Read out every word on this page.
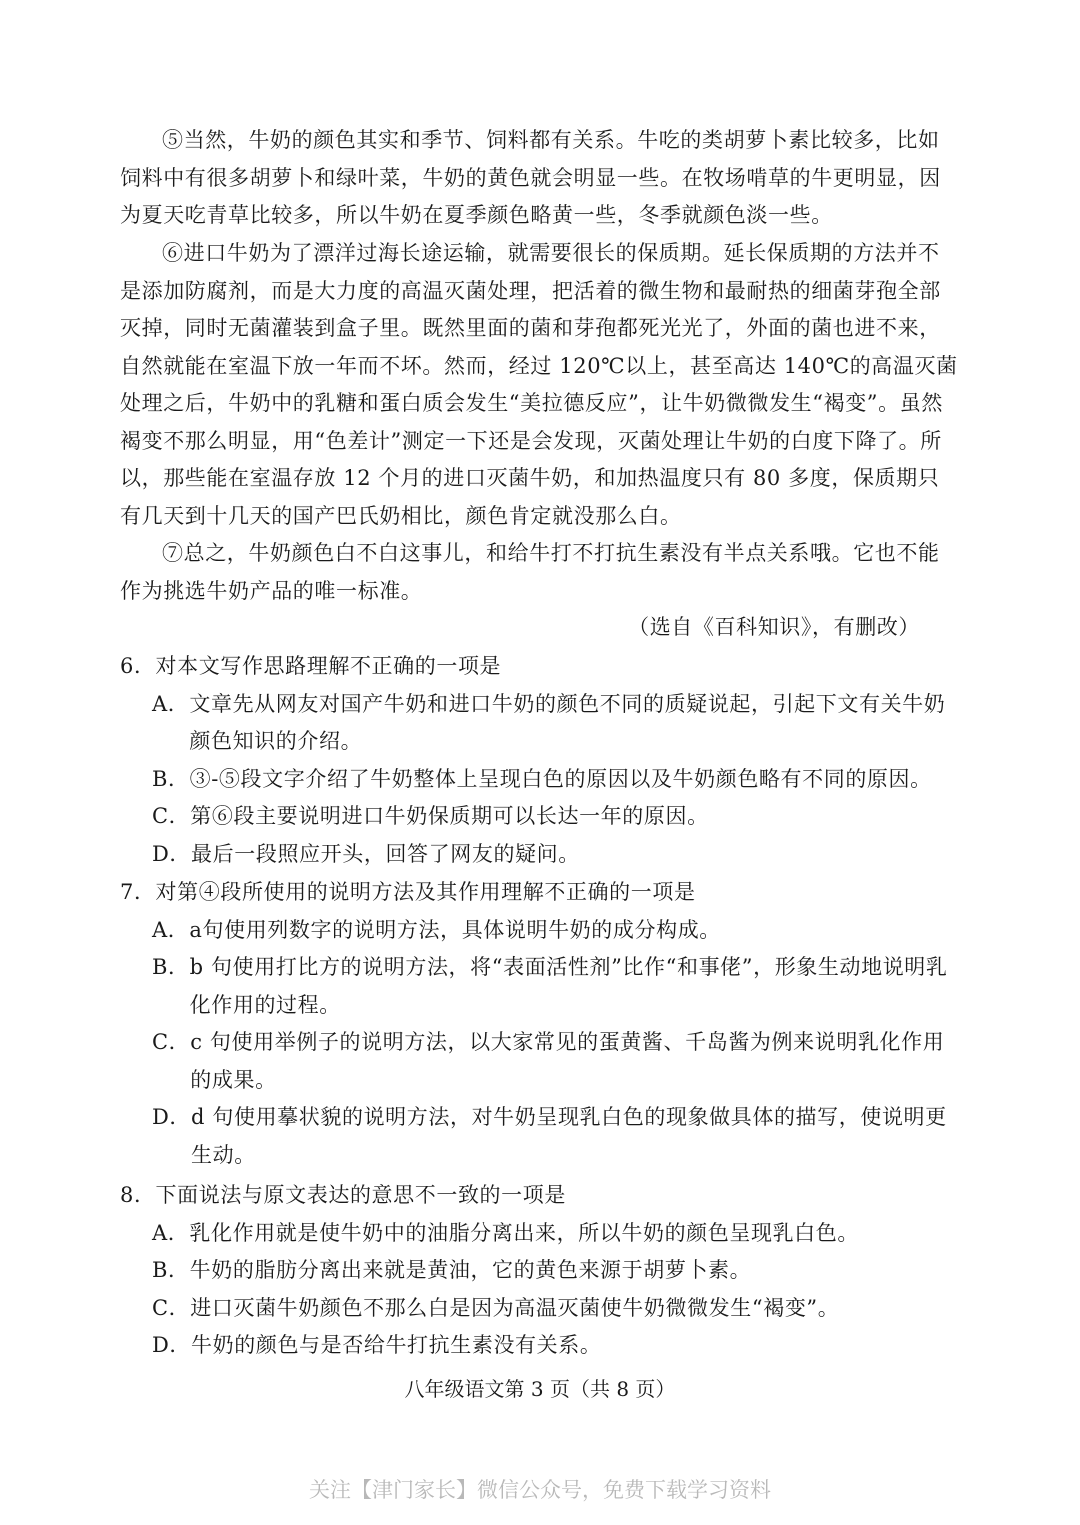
⑤当然，牛奶的颜色其实和季节、饲料都有关系。牛吃的类胡萝卜素比较多，比如饲料中有很多胡萝卜和绿叶菜，牛奶的黄色就会明显一些。在牧场啃草的牛更明显，因为夏天吃青草比较多，所以牛奶在夏季颜色略黄一些，冬季就颜色淡一些。

⑥进口牛奶为了漂洋过海长途运输，就需要很长的保质期。延长保质期的方法并不是添加防腐剂，而是大力度的高温灭菌处理，把活着的微生物和最耐热的细菌芽孢全部灭掉，同时无菌灌装到盒子里。既然里面的菌和芽孢都死光光了，外面的菌也进不来，自然就能在室温下放一年而不坏。然而，经过 120℃以上，甚至高达 140℃的高温灭菌处理之后，牛奶中的乳糖和蛋白质会发生“美拉德反应”，让牛奶微微发生“褐变”。虽然褐变不那么明显，用“色差计”测定一下还是会发现，灭菌处理让牛奶的白度下降了。所以，那些能在室温存放 12 个月的进口灭菌牛奶，和加热温度只有 80 多度，保质期只有几天到十几天的国产巴氏奶相比，颜色肯定就没那么白。

⑦总之，牛奶颜色白不白这事儿，和给牛打不打抗生素没有半点关系哦。它也不能作为挑选牛奶产品的唯一标准。

（选自《百科知识》，有删改）

6．对本文写作思路理解不正确的一项是

A． 文章先从网友对国产牛奶和进口牛奶的颜色不同的质疑说起，引起下文有关牛奶颜色知识的介绍。
B． ③-⑤段文字介绍了牛奶整体上呈现白色的原因以及牛奶颜色略有不同的原因。
C． 第⑥段主要说明进口牛奶保质期可以长达一年的原因。
D． 最后一段照应开头，回答了网友的疑问。

7．对第④段所使用的说明方法及其作用理解不正确的一项是

A． a句使用列数字的说明方法，具体说明牛奶的成分构成。
B． b 句使用打比方的说明方法，将“表面活性剂”比作“和事佬”，形象生动地说明乳化作用的过程。
C． c 句使用举例子的说明方法，以大家常见的蛋黄酱、千岛酱为例来说明乳化作用的成果。
D． d 句使用摹状貌的说明方法，对牛奶呈现乳白色的现象做具体的描写，使说明更生动。

8．下面说法与原文表达的意思不一致的一项是

A． 乳化作用就是使牛奶中的油脂分离出来，所以牛奶的颜色呈现乳白色。
B． 牛奶的脂肪分离出来就是黄油，它的黄色来源于胡萝卜素。
C． 进口灭菌牛奶颜色不那么白是因为高温灭菌使牛奶微微发生“褐变”。
D． 牛奶的颜色与是否给牛打抗生素没有关系。
八年级语文第 3 页（共 8 页）
关注【津门家长】微信公众号，免费下载学习资料
